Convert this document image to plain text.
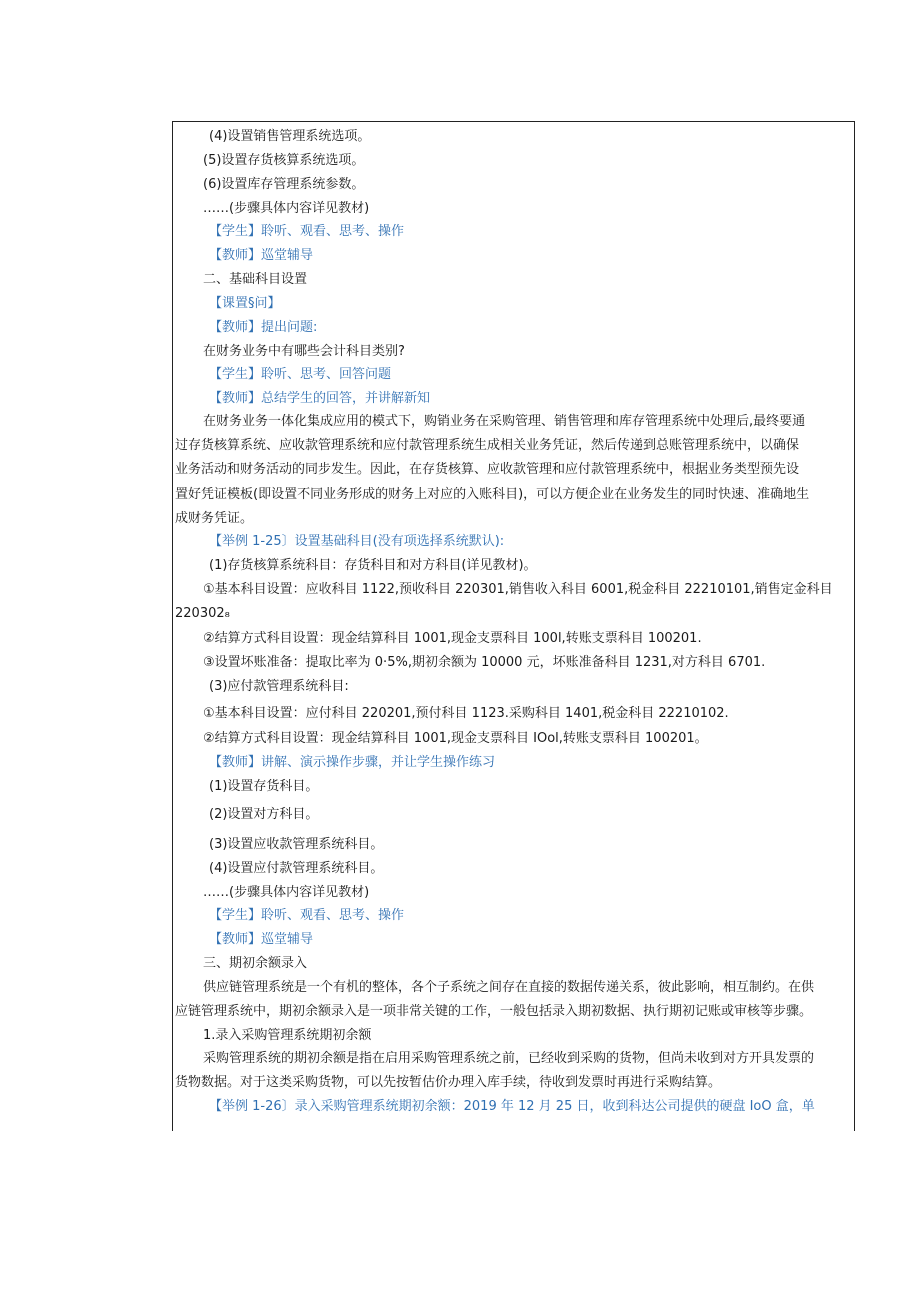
(4)设置销售管理系统选项。
(5)设置存货核算系统选项。
(6)设置库存管理系统参数。
……(步骤具体内容详见教材)
【学生】聆听、观看、思考、操作
【教师】巡堂辅导
二、基础科目设置
【课置§问】
【教师】提出问题:
在财务业务中有哪些会计科目类别?
【学生】聆听、思考、回答问题
【教师】总结学生的回答，并讲解新知
在财务业务一体化集成应用的模式下，购销业务在采购管理、销售管理和库存管理系统中处理后,最终要通
过存货核算系统、应收款管理系统和应付款管理系统生成相关业务凭证，然后传递到总账管理系统中，以确保
业务活动和财务活动的同步发生。因此，在存货核算、应收款管理和应付款管理系统中，根据业务类型预先设
置好凭证模板(即设置不同业务形成的财务上对应的入账科目)，可以方便企业在业务发生的同时快速、准确地生
成财务凭证。
【举例 1-25〕设置基础科目(没有项选择系统默认):
(1)存货核算系统科目：存货科目和对方科目(详见教材)。
①基本科目设置：应收科目 1122,预收科目 220301,销售收入科目 6001,税金科目 22210101,销售定金科目
220302₈
②结算方式科目设置：现金结算科目 1001,现金支票科目 100l,转账支票科目 100201.
③设置坏账准备：提取比率为 0·5%,期初余额为 10000 元，坏账准备科目 1231,对方科目 6701.
(3)应付款管理系统科目:
①基本科目设置：应付科目 220201,预付科目 1123.采购科目 1401,税金科目 22210102.
②结算方式科目设置：现金结算科目 1001,现金支票科目 IOol,转账支票科目 100201。
【教师】讲解、演示操作步骤，并让学生操作练习
(1)设置存货科目。
(2)设置对方科目。
(3)设置应收款管理系统科目。
(4)设置应付款管理系统科目。
……(步骤具体内容详见教材)
【学生】聆听、观看、思考、操作
【教师】巡堂辅导
三、期初余额录入
供应链管理系统是一个有机的整体，各个子系统之间存在直接的数据传递关系，彼此影响，相互制约。在供
应链管理系统中，期初余额录入是一项非常关键的工作，一般包括录入期初数据、执行期初记账或审核等步骤。
1.录入采购管理系统期初余额
采购管理系统的期初余额是指在启用采购管理系统之前，已经收到采购的货物，但尚未收到对方开具发票的
货物数据。对于这类采购货物，可以先按暂估价办理入库手续，待收到发票时再进行采购结算。
【举例 1-26〕录入采购管理系统期初余额：2019 年 12 月 25 日，收到科达公司提供的硬盘 IoO 盒，单
